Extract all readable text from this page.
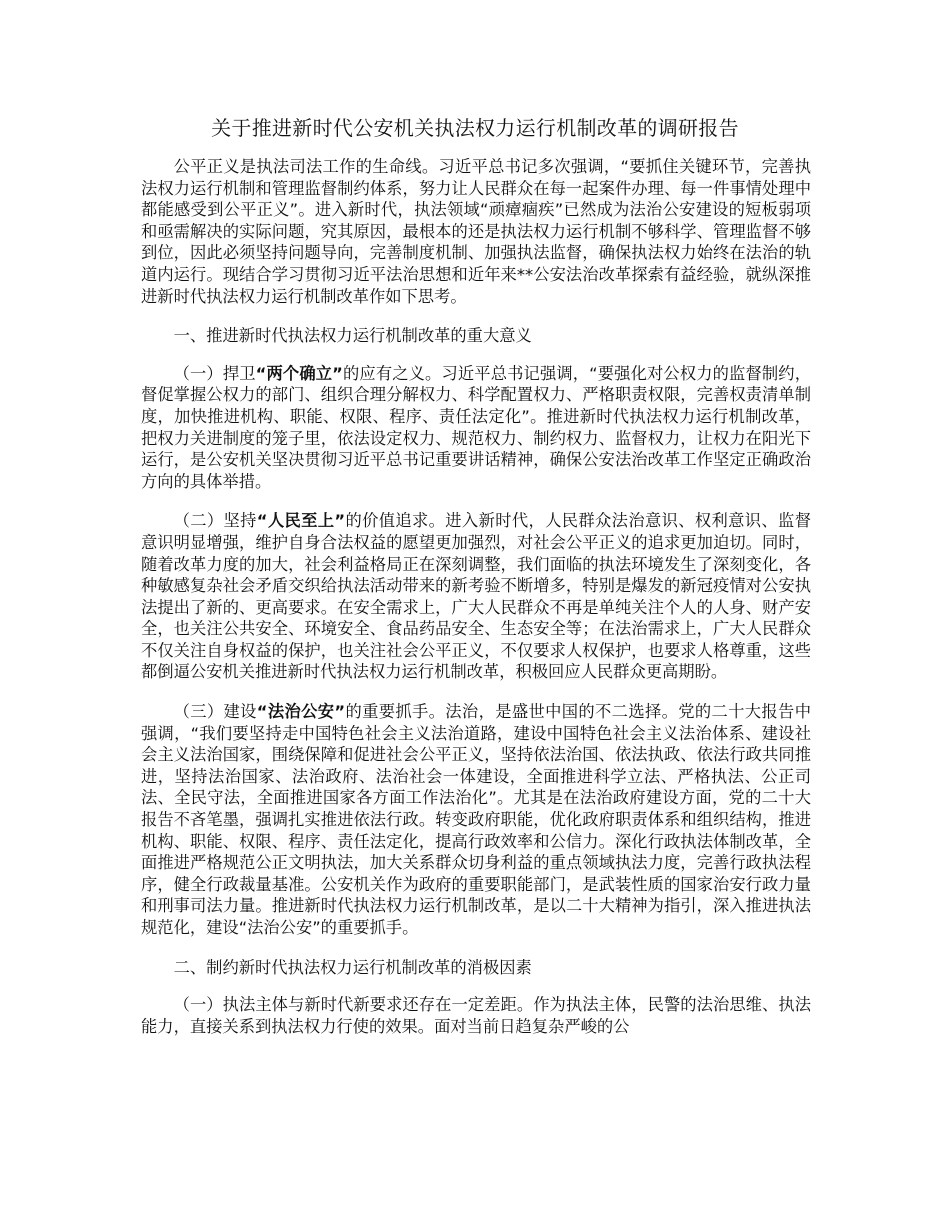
关于推进新时代公安机关执法权力运行机制改革的调研报告

公平正义是执法司法工作的生命线。习近平总书记多次强调，“要抓住关键环节，完善执法权力运行机制和管理监督制约体系，努力让人民群众在每一起案件办理、每一件事情处理中都能感受到公平正义”。进入新时代，执法领域“顽瘴痼疾”已然成为法治公安建设的短板弱项和亟需解决的实际问题，究其原因，最根本的还是执法权力运行机制不够科学、管理监督不够到位，因此必须坚持问题导向，完善制度机制、加强执法监督，确保执法权力始终在法治的轨道内运行。现结合学习贯彻习近平法治思想和近年来**公安法治改革探索有益经验，就纵深推进新时代执法权力运行机制改革作如下思考。

一、推进新时代执法权力运行机制改革的重大意义

（一）捍卫“两个确立”的应有之义。习近平总书记强调，“要强化对公权力的监督制约，督促掌握公权力的部门、组织合理分解权力、科学配置权力、严格职责权限，完善权责清单制度，加快推进机构、职能、权限、程序、责任法定化”。推进新时代执法权力运行机制改革，把权力关进制度的笼子里，依法设定权力、规范权力、制约权力、监督权力，让权力在阳光下运行，是公安机关坚决贯彻习近平总书记重要讲话精神，确保公安法治改革工作坚定正确政治方向的具体举措。

（二）坚持“人民至上”的价值追求。进入新时代，人民群众法治意识、权利意识、监督意识明显增强，维护自身合法权益的愿望更加强烈，对社会公平正义的追求更加迫切。同时，随着改革力度的加大，社会利益格局正在深刻调整，我们面临的执法环境发生了深刻变化，各种敏感复杂社会矛盾交织给执法活动带来的新考验不断增多，特别是爆发的新冠疫情对公安执法提出了新的、更高要求。在安全需求上，广大人民群众不再是单纯关注个人的人身、财产安全，也关注公共安全、环境安全、食品药品安全、生态安全等；在法治需求上，广大人民群众不仅关注自身权益的保护，也关注社会公平正义，不仅要求人权保护，也要求人格尊重，这些都倒逼公安机关推进新时代执法权力运行机制改革，积极回应人民群众更高期盼。

（三）建设“法治公安”的重要抓手。法治，是盛世中国的不二选择。党的二十大报告中强调，“我们要坚持走中国特色社会主义法治道路，建设中国特色社会主义法治体系、建设社会主义法治国家，围绕保障和促进社会公平正义，坚持依法治国、依法执政、依法行政共同推进，坚持法治国家、法治政府、法治社会一体建设，全面推进科学立法、严格执法、公正司法、全民守法，全面推进国家各方面工作法治化”。尤其是在法治政府建设方面，党的二十大报告不吝笔墨，强调扎实推进依法行政。转变政府职能，优化政府职责体系和组织结构，推进机构、职能、权限、程序、责任法定化，提高行政效率和公信力。深化行政执法体制改革，全面推进严格规范公正文明执法，加大关系群众切身利益的重点领域执法力度，完善行政执法程序，健全行政裁量基准。公安机关作为政府的重要职能部门，是武装性质的国家治安行政力量和刑事司法力量。推进新时代执法权力运行机制改革，是以二十大精神为指引，深入推进执法规范化，建设“法治公安”的重要抓手。

二、制约新时代执法权力运行机制改革的消极因素

（一）执法主体与新时代新要求还存在一定差距。作为执法主体，民警的法治思维、执法能力，直接关系到执法权力行使的效果。面对当前日趋复杂严峻的公
